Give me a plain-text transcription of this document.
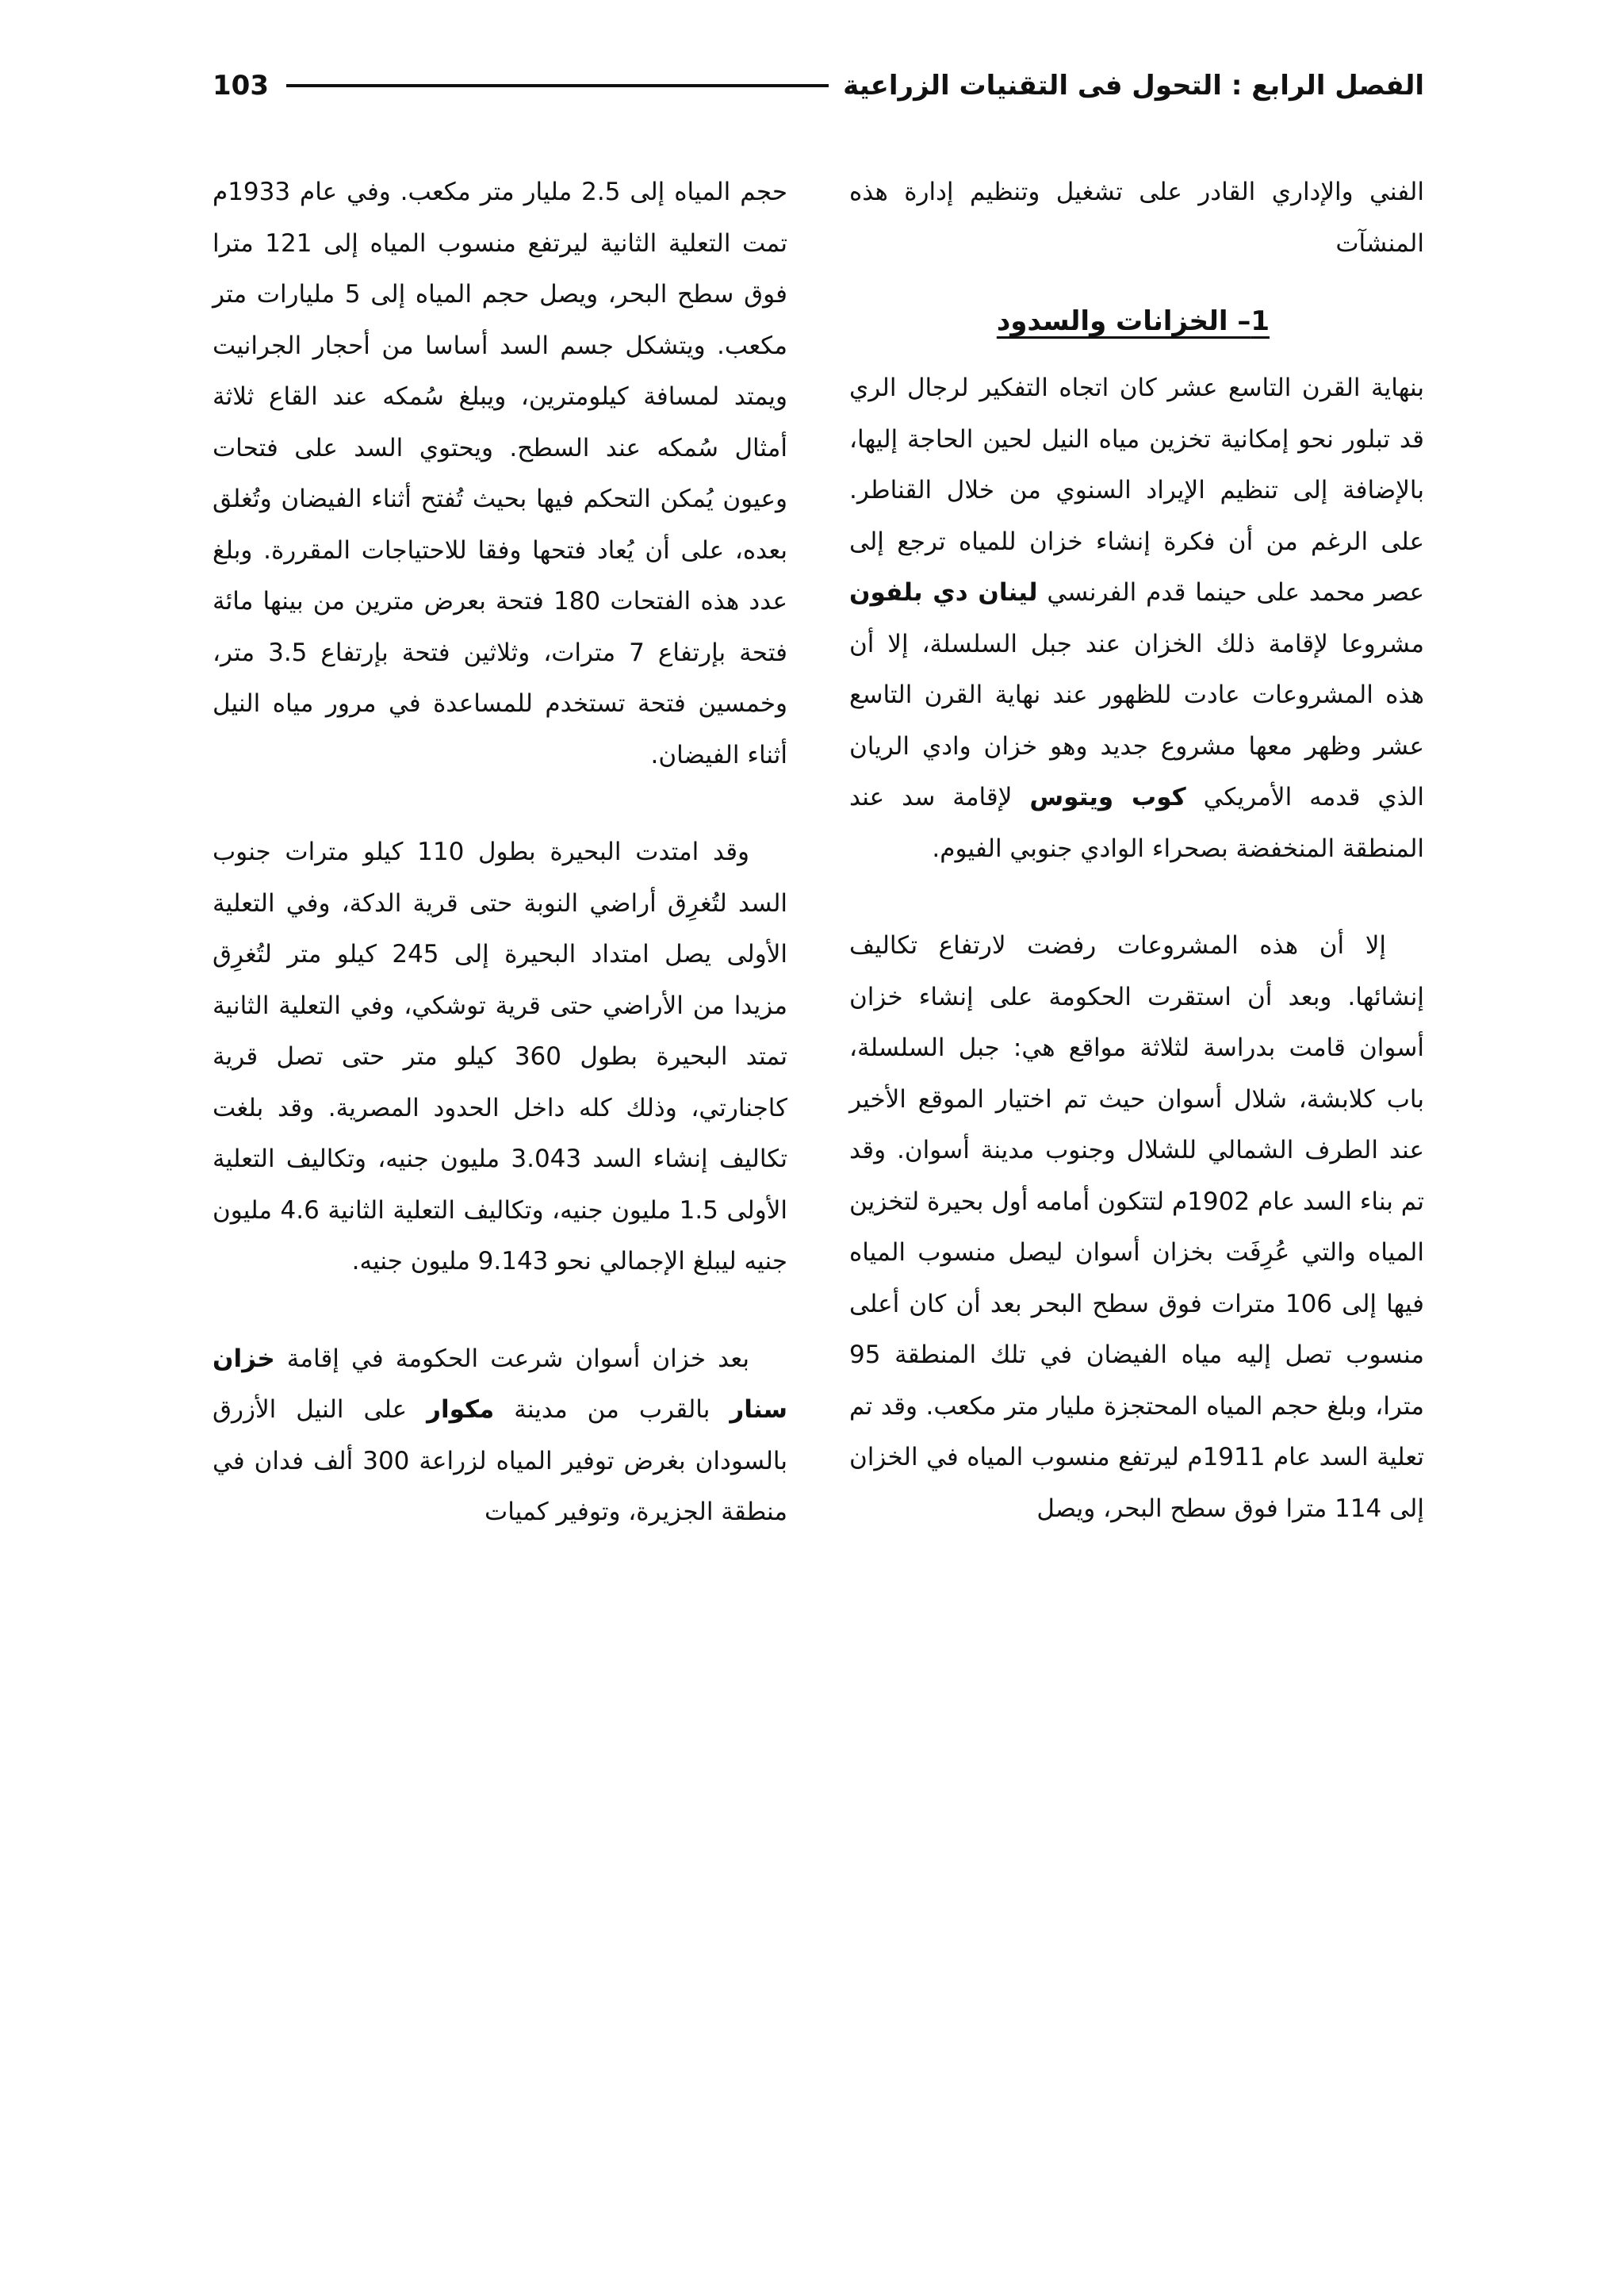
الفصل الرابع : التحول فى التقنيات الزراعية
103

الفني والإداري القادر على تشغيل وتنظيم إدارة هذه المنشآت

1– الخزانات والسدود

بنهاية القرن التاسع عشر كان اتجاه التفكير لرجال الري قد تبلور نحو إمكانية تخزين مياه النيل لحين الحاجة إليها، بالإضافة إلى تنظيم الإيراد السنوي من خلال القناطر. على الرغم من أن فكرة إنشاء خزان للمياه ترجع إلى عصر محمد على حينما قدم الفرنسي لينان دي بلفون مشروعا لإقامة ذلك الخزان عند جبل السلسلة، إلا أن هذه المشروعات عادت للظهور عند نهاية القرن التاسع عشر وظهر معها مشروع جديد وهو خزان وادي الريان الذي قدمه الأمريكي كوب ويتوس لإقامة سد عند المنطقة المنخفضة بصحراء الوادي جنوبي الفيوم.

إلا أن هذه المشروعات رفضت لارتفاع تكاليف إنشائها. وبعد أن استقرت الحكومة على إنشاء خزان أسوان قامت بدراسة لثلاثة مواقع هي: جبل السلسلة، باب كلابشة، شلال أسوان حيث تم اختيار الموقع الأخير عند الطرف الشمالي للشلال وجنوب مدينة أسوان. وقد تم بناء السد عام 1902م لتتكون أمامه أول بحيرة لتخزين المياه والتي عُرِفَت بخزان أسوان ليصل منسوب المياه فيها إلى 106 مترات فوق سطح البحر بعد أن كان أعلى منسوب تصل إليه مياه الفيضان في تلك المنطقة 95 مترا، وبلغ حجم المياه المحتجزة مليار متر مكعب. وقد تم تعلية السد عام 1911م ليرتفع منسوب المياه في الخزان إلى 114 مترا فوق سطح البحر، ويصل

حجم المياه إلى 2.5 مليار متر مكعب. وفي عام 1933م تمت التعلية الثانية ليرتفع منسوب المياه إلى 121 مترا فوق سطح البحر، ويصل حجم المياه إلى 5 مليارات متر مكعب. ويتشكل جسم السد أساسا من أحجار الجرانيت ويمتد لمسافة كيلومترين، ويبلغ سُمكه عند القاع ثلاثة أمثال سُمكه عند السطح. ويحتوي السد على فتحات وعيون يُمكن التحكم فيها بحيث تُفتح أثناء الفيضان وتُغلق بعده، على أن يُعاد فتحها وفقا للاحتياجات المقررة. وبلغ عدد هذه الفتحات 180 فتحة بعرض مترين من بينها مائة فتحة بإرتفاع 7 مترات، وثلاثين فتحة بإرتفاع 3.5 متر، وخمسين فتحة تستخدم للمساعدة في مرور مياه النيل أثناء الفيضان.

وقد امتدت البحيرة بطول 110 كيلو مترات جنوب السد لتُغرِق أراضي النوبة حتى قرية الدكة، وفي التعلية الأولى يصل امتداد البحيرة إلى 245 كيلو متر لتُغرِق مزيدا من الأراضي حتى قرية توشكي، وفي التعلية الثانية تمتد البحيرة بطول 360 كيلو متر حتى تصل قرية كاجنارتي، وذلك كله داخل الحدود المصرية. وقد بلغت تكاليف إنشاء السد 3.043 مليون جنيه، وتكاليف التعلية الأولى 1.5 مليون جنيه، وتكاليف التعلية الثانية 4.6 مليون جنيه ليبلغ الإجمالي نحو 9.143 مليون جنيه.

بعد خزان أسوان شرعت الحكومة في إقامة خزان سنار بالقرب من مدينة مكوار على النيل الأزرق بالسودان بغرض توفير المياه لزراعة 300 ألف فدان في منطقة الجزيرة، وتوفير كميات
